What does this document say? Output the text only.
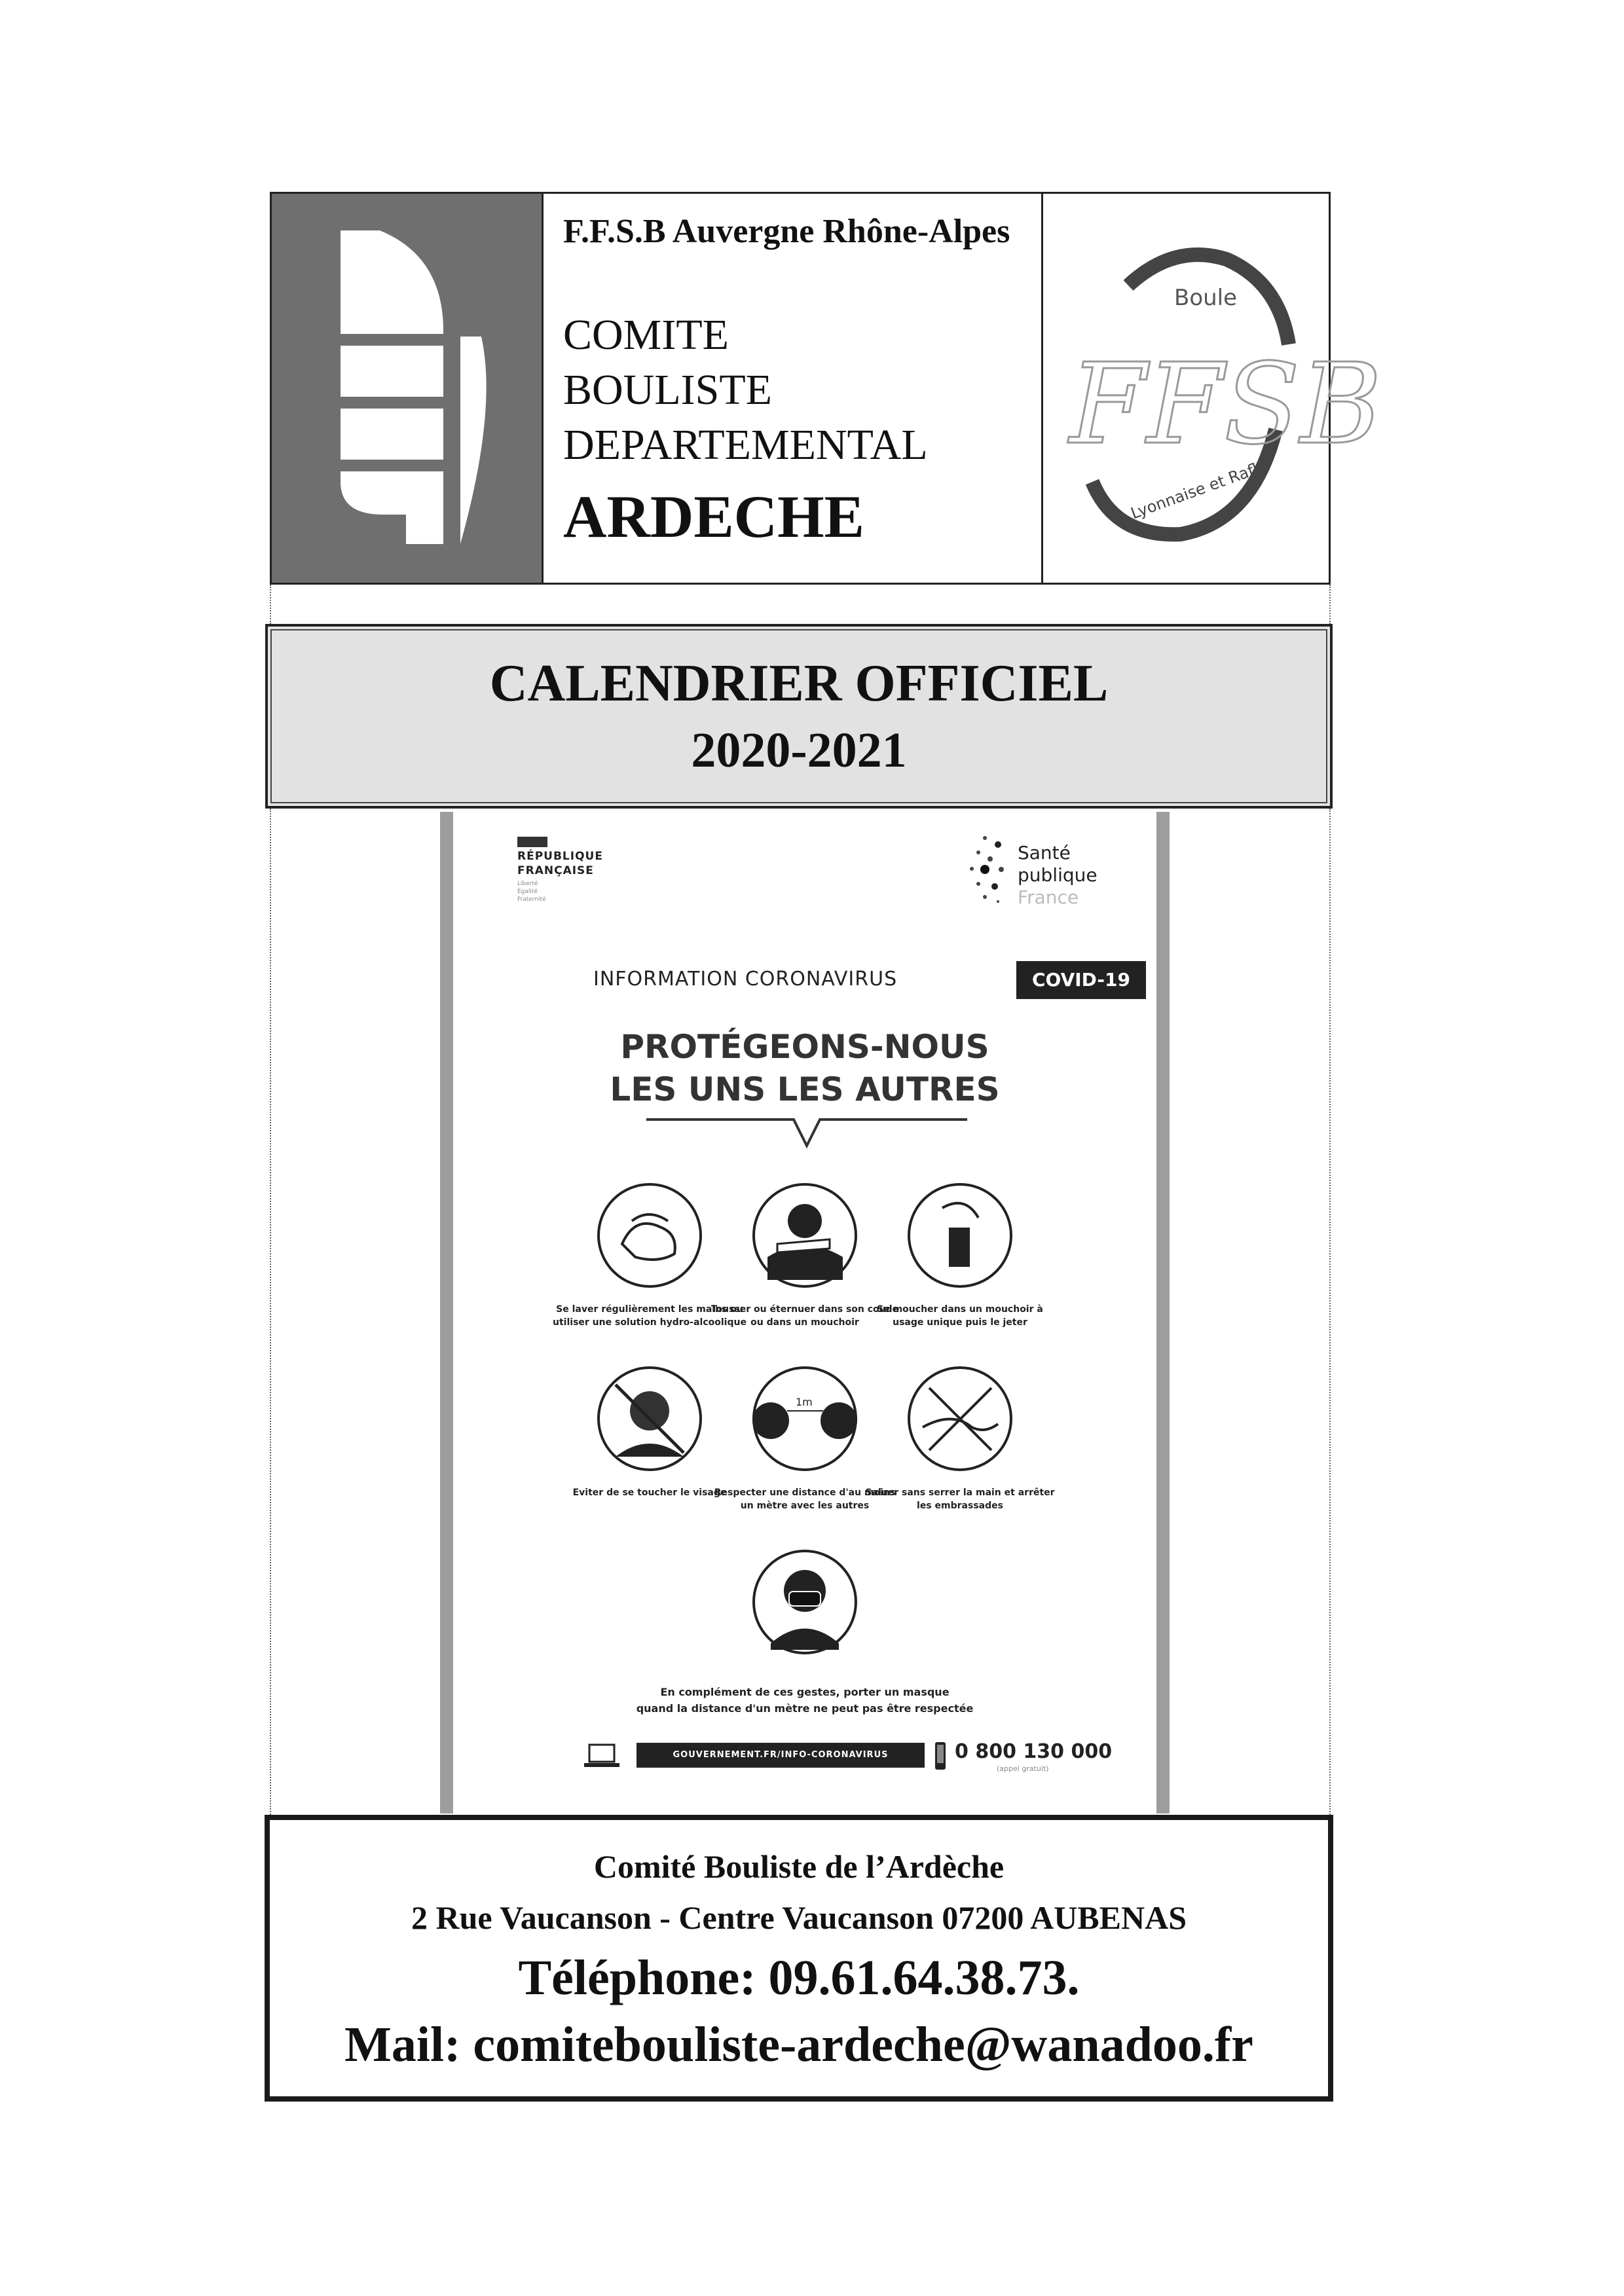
F.F.S.B Auvergne Rhône-Alpes
COMITE
BOULISTE
DEPARTEMENTAL
ARDECHE
Boule
FFSB
Lyonnaise et Rafle
CALENDRIER OFFICIEL
2020-2021
RÉPUBLIQUE
FRANÇAISE
Liberté Égalité Fraternité
Santé
publique
France
INFORMATION CORONAVIRUS	COVID-19
PROTÉGEONS-NOUS
LES UNS LES AUTRES
Se laver régulièrement les mains ou utiliser une solution hydro-alcoolique
Tousser ou éternuer dans son coude ou dans un mouchoir
Se moucher dans un mouchoir à usage unique puis le jeter
Eviter de se toucher le visage
1m
Respecter une distance d'au moins un mètre avec les autres
Saluer sans serrer la main et arrêter les embrassades
En complément de ces gestes, porter un masque
quand la distance d'un mètre ne peut pas être respectée
GOUVERNEMENT.FR/INFO-CORONAVIRUS	0 800 130 000
(appel gratuit)
Comité Bouliste de l’Ardèche
2 Rue Vaucanson - Centre Vaucanson 07200 AUBENAS
Téléphone: 09.61.64.38.73.
Mail: comitebouliste-ardeche@wanadoo.fr
